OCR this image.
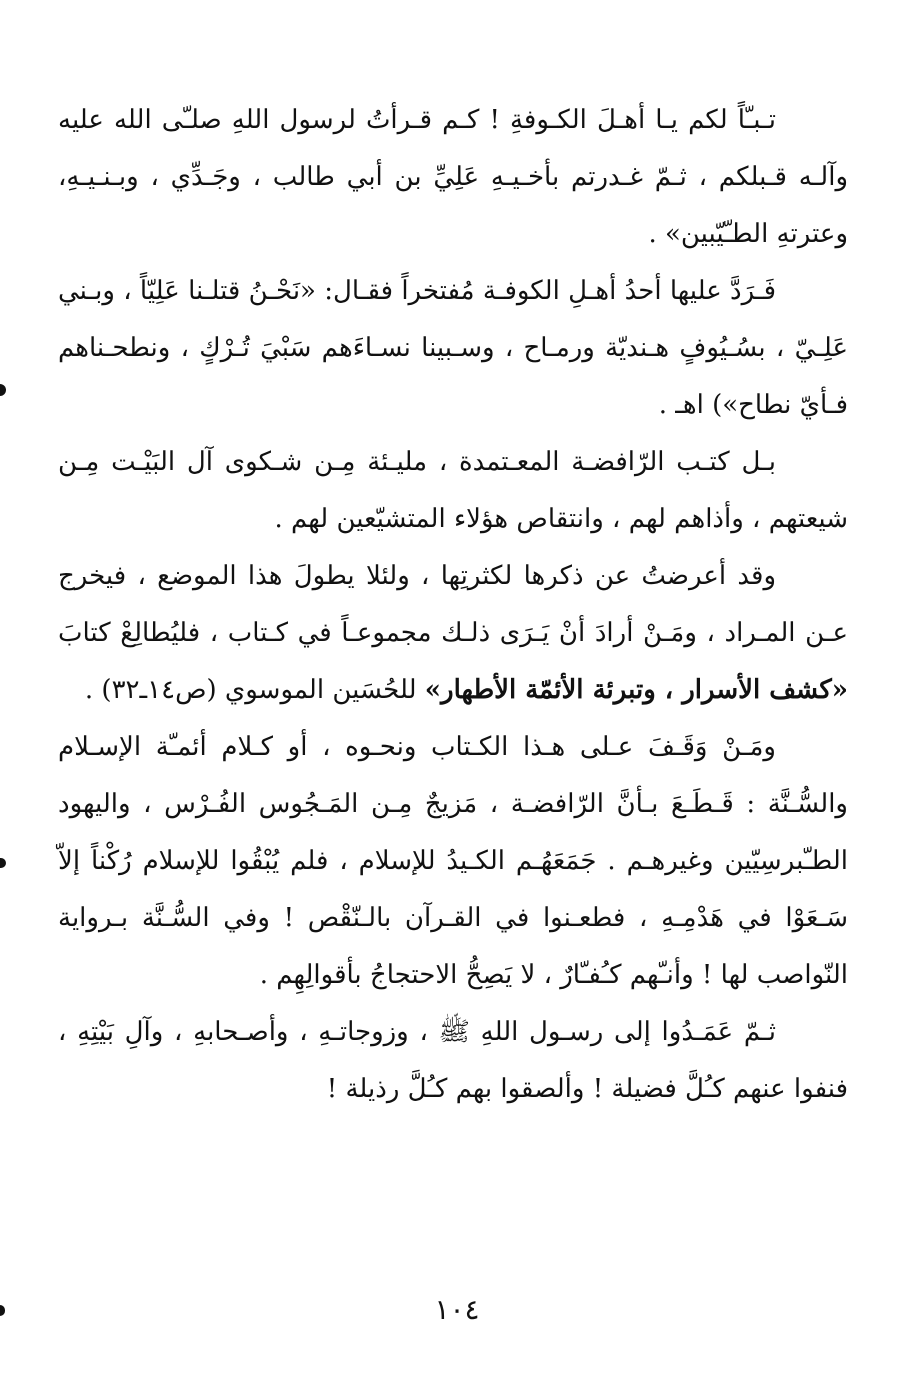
تـبـّاً لكم يـا أهـلَ الكـوفةِ ! كـم قـرأتُ لرسول اللهِ صلـّى الله عليه وآلـه قـبلكم ، ثـمّ غـدرتم بأخـيـهِ عَلِيِّ بن أبي طالب ، وجَـدِّي ، وبـنـيـهِ، وعترتهِ الطـّيّبين» .

فَـرَدَّ عليها أحدُ أهـلِ الكوفـة مُفتخراً فقـال: «نَحْـنُ قتلـنا عَلِيّاً ، وبـني عَلِـيّ ، بسُـيُوفٍ هـنديّة ورمـاح ، وسـبينا نسـاءَهم سَبْيَ تُـرْكٍ ، ونطحـناهم فـأيّ نطاح») اهـ .

بـل كتـب الرّافضـة المعـتمدة ، مليـئة مِـن شـكوى آل البَيْـت مِـن شيعتهم ، وأذاهم لهم ، وانتقاص هؤلاء المتشيّعين لهم .

وقد أعرضتُ عن ذكرها لكثرتِها ، ولئلا يطولَ هذا الموضع ، فيخرج عـن المـراد ، ومَـنْ أرادَ أنْ يَـرَى ذلـك مجموعـاً في كـتاب ، فليُطالِعْ كتابَ «كشف الأسرار ، وتبرئة الأئمّة الأطهار» للحُسَين الموسوي (ص١٤ـ٣٢) .

ومَـنْ وَقَـفَ عـلى هـذا الكـتاب ونحـوه ، أو كـلام أئمـّة الإسـلام والسُّـنَّة : قَـطَـعَ بـأنَّ الرّافضـة ، مَزيجٌ مِـن المَـجُوس الفُـرْس ، واليهود الطـّبرسِيّين وغيرهـم . جَمَعَهُـم الكـيدُ للإسلام ، فلم يُبْقُوا للإسلام رُكْناً إلاّ سَـعَوْا في هَدْمِـهِ ، فطعـنوا في القـرآن بالـنّقْص ! وفي السُّـنَّة بـرواية النّواصب لها ! وأنـّهم كـُفـّارٌ ، لا يَصِحُّ الاحتجاجُ بأقوالِهِم .

ثـمّ عَمَـدُوا إلى رسـول اللهِ ﷺ ، وزوجاتـهِ ، وأصـحابهِ ، وآلِ بَيْتِهِ ، فنفوا عنهم كـُلَّ فضيلة ! وألصقوا بهم كـُلَّ رذيلة !

١٠٤
